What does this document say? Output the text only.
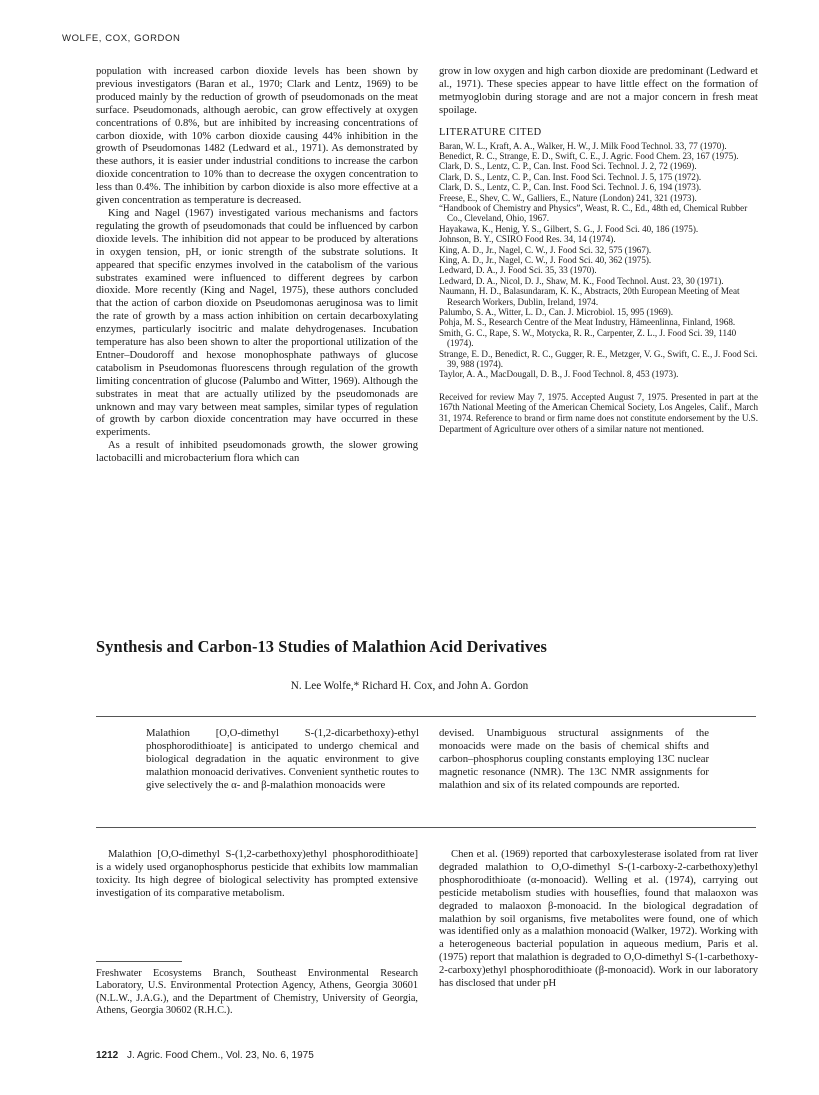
WOLFE, COX, GORDON

population with increased carbon dioxide levels has been shown by previous investigators (Baran et al., 1970; Clark and Lentz, 1969) to be produced mainly by the reduction of growth of pseudomonads on the meat surface. Pseudomonads, although aerobic, can grow effectively at oxygen concentrations of 0.8%, but are inhibited by increasing concentrations of carbon dioxide, with 10% carbon dioxide causing 44% inhibition in the growth of Pseudomonas 1482 (Ledward et al., 1971). As demonstrated by these authors, it is easier under industrial conditions to increase the carbon dioxide concentration to 10% than to decrease the oxygen concentration to less than 0.4%. The inhibition by carbon dioxide is also more effective at a given concentration as temperature is decreased.

King and Nagel (1967) investigated various mechanisms and factors regulating the growth of pseudomonads that could be influenced by carbon dioxide levels. The inhibition did not appear to be produced by alterations in oxygen tension, pH, or ionic strength of the substrate solutions. It appeared that specific enzymes involved in the catabolism of the various substrates examined were influenced to different degrees by carbon dioxide. More recently (King and Nagel, 1975), these authors concluded that the action of carbon dioxide on Pseudomonas aeruginosa was to limit the rate of growth by a mass action inhibition on certain decarboxylating enzymes, particularly isocitric and malate dehydrogenases. Incubation temperature has also been shown to alter the proportional utilization of the Entner–Doudoroff and hexose monophosphate pathways of glucose catabolism in Pseudomonas fluorescens through regulation of the growth limiting concentration of glucose (Palumbo and Witter, 1969). Although the substrates in meat that are actually utilized by the pseudomonads are unknown and may vary between meat samples, similar types of regulation of growth by carbon dioxide concentration may have occurred in these experiments.

As a result of inhibited pseudomonads growth, the slower growing lactobacilli and microbacterium flora which can

grow in low oxygen and high carbon dioxide are predominant (Ledward et al., 1971). These species appear to have little effect on the formation of metmyoglobin during storage and are not a major concern in fresh meat spoilage.

LITERATURE CITED
Baran, W. L., Kraft, A. A., Walker, H. W., J. Milk Food Technol. 33, 77 (1970).
Benedict, R. C., Strange, E. D., Swift, C. E., J. Agric. Food Chem. 23, 167 (1975).
Clark, D. S., Lentz, C. P., Can. Inst. Food Sci. Technol. J. 2, 72 (1969).
Clark, D. S., Lentz, C. P., Can. Inst. Food Sci. Technol. J. 5, 175 (1972).
Clark, D. S., Lentz, C. P., Can. Inst. Food Sci. Technol. J. 6, 194 (1973).
Freese, E., Shev, C. W., Galliers, E., Nature (London) 241, 321 (1973).
“Handbook of Chemistry and Physics”, Weast, R. C., Ed., 48th ed, Chemical Rubber Co., Cleveland, Ohio, 1967.
Hayakawa, K., Henig, Y. S., Gilbert, S. G., J. Food Sci. 40, 186 (1975).
Johnson, B. Y., CSIRO Food Res. 34, 14 (1974).
King, A. D., Jr., Nagel, C. W., J. Food Sci. 32, 575 (1967).
King, A. D., Jr., Nagel, C. W., J. Food Sci. 40, 362 (1975).
Ledward, D. A., J. Food Sci. 35, 33 (1970).
Ledward, D. A., Nicol, D. J., Shaw, M. K., Food Technol. Aust. 23, 30 (1971).
Naumann, H. D., Balasundaram, K. K., Abstracts, 20th European Meeting of Meat Research Workers, Dublin, Ireland, 1974.
Palumbo, S. A., Witter, L. D., Can. J. Microbiol. 15, 995 (1969).
Pohja, M. S., Research Centre of the Meat Industry, Hämeenlinna, Finland, 1968.
Smith, G. C., Rape, S. W., Motycka, R. R., Carpenter, Z. L., J. Food Sci. 39, 1140 (1974).
Strange, E. D., Benedict, R. C., Gugger, R. E., Metzger, V. G., Swift, C. E., J. Food Sci. 39, 988 (1974).
Taylor, A. A., MacDougall, D. B., J. Food Technol. 8, 453 (1973).

Received for review May 7, 1975. Accepted August 7, 1975. Presented in part at the 167th National Meeting of the American Chemical Society, Los Angeles, Calif., March 31, 1974. Reference to brand or firm name does not constitute endorsement by the U.S. Department of Agriculture over others of a similar nature not mentioned.

Synthesis and Carbon-13 Studies of Malathion Acid Derivatives
N. Lee Wolfe,* Richard H. Cox, and John A. Gordon
Malathion [O,O-dimethyl S-(1,2-dicarbethoxy)-ethyl phosphorodithioate] is anticipated to undergo chemical and biological degradation in the aquatic environment to give malathion monoacid derivatives. Convenient synthetic routes to give selectively the α- and β-malathion monoacids were
devised. Unambiguous structural assignments of the monoacids were made on the basis of chemical shifts and carbon–phosphorus coupling constants employing 13C nuclear magnetic resonance (NMR). The 13C NMR assignments for malathion and six of its related compounds are reported.

Malathion [O,O-dimethyl S-(1,2-carbethoxy)ethyl phosphorodithioate] is a widely used organophosphorus pesticide that exhibits low mammalian toxicity. Its high degree of biological selectivity has prompted extensive investigation of its comparative metabolism.

Freshwater Ecosystems Branch, Southeast Environmental Research Laboratory, U.S. Environmental Protection Agency, Athens, Georgia 30601 (N.L.W., J.A.G.), and the Department of Chemistry, University of Georgia, Athens, Georgia 30602 (R.H.C.).

Chen et al. (1969) reported that carboxylesterase isolated from rat liver degraded malathion to O,O-dimethyl S-(1-carboxy-2-carbethoxy)ethyl phosphorodithioate (α-monoacid). Welling et al. (1974), carrying out pesticide metabolism studies with houseflies, found that malaoxon was degraded to malaoxon β-monoacid. In the biological degradation of malathion by soil organisms, five metabolites were found, one of which was identified only as a malathion monoacid (Walker, 1972). Working with a heterogeneous bacterial population in aqueous medium, Paris et al. (1975) report that malathion is degraded to O,O-dimethyl S-(1-carbethoxy-2-carboxy)ethyl phosphorodithioate (β-monoacid). Work in our laboratory has disclosed that under pH

1212 J. Agric. Food Chem., Vol. 23, No. 6, 1975
